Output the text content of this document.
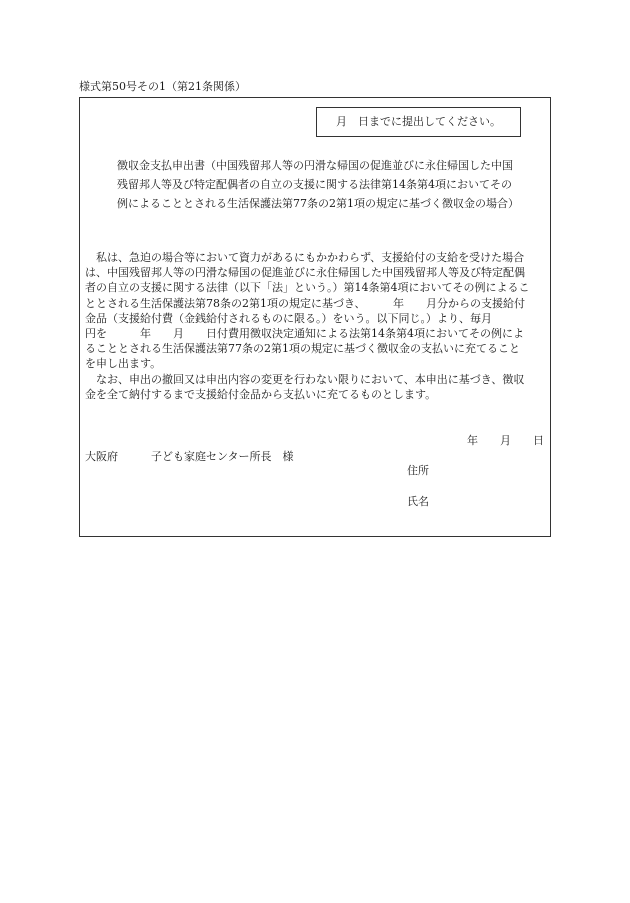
様式第50号その1（第21条関係）
月　日までに提出してください。
徴収金支払申出書（中国残留邦人等の円滑な帰国の促進並びに永住帰国した中国
残留邦人等及び特定配偶者の自立の支援に関する法律第14条第4項においてその
例によることとされる生活保護法第77条の2第1項の規定に基づく徴収金の場合）
　私は、急迫の場合等において資力があるにもかかわらず、支援給付の支給を受けた場合
は、中国残留邦人等の円滑な帰国の促進並びに永住帰国した中国残留邦人等及び特定配偶
者の自立の支援に関する法律（以下「法」という。）第14条第4項においてその例によるこ
ととされる生活保護法第78条の2第1項の規定に基づき、　　　年　　月分からの支援給付
金品（支援給付費（金銭給付されるものに限る。）をいう。以下同じ。）より、毎月
円を　　　年　　月　　日付費用徴収決定通知による法第14条第4項においてその例によ
ることとされる生活保護法第77条の2第1項の規定に基づく徴収金の支払いに充てること
を申し出ます。
　なお、申出の撤回又は申出内容の変更を行わない限りにおいて、本申出に基づき、徴収
金を全て納付するまで支援給付金品から支払いに充てるものとします。
年　　月　　日
大阪府　　　子ども家庭センター所長　様
住所
氏名
